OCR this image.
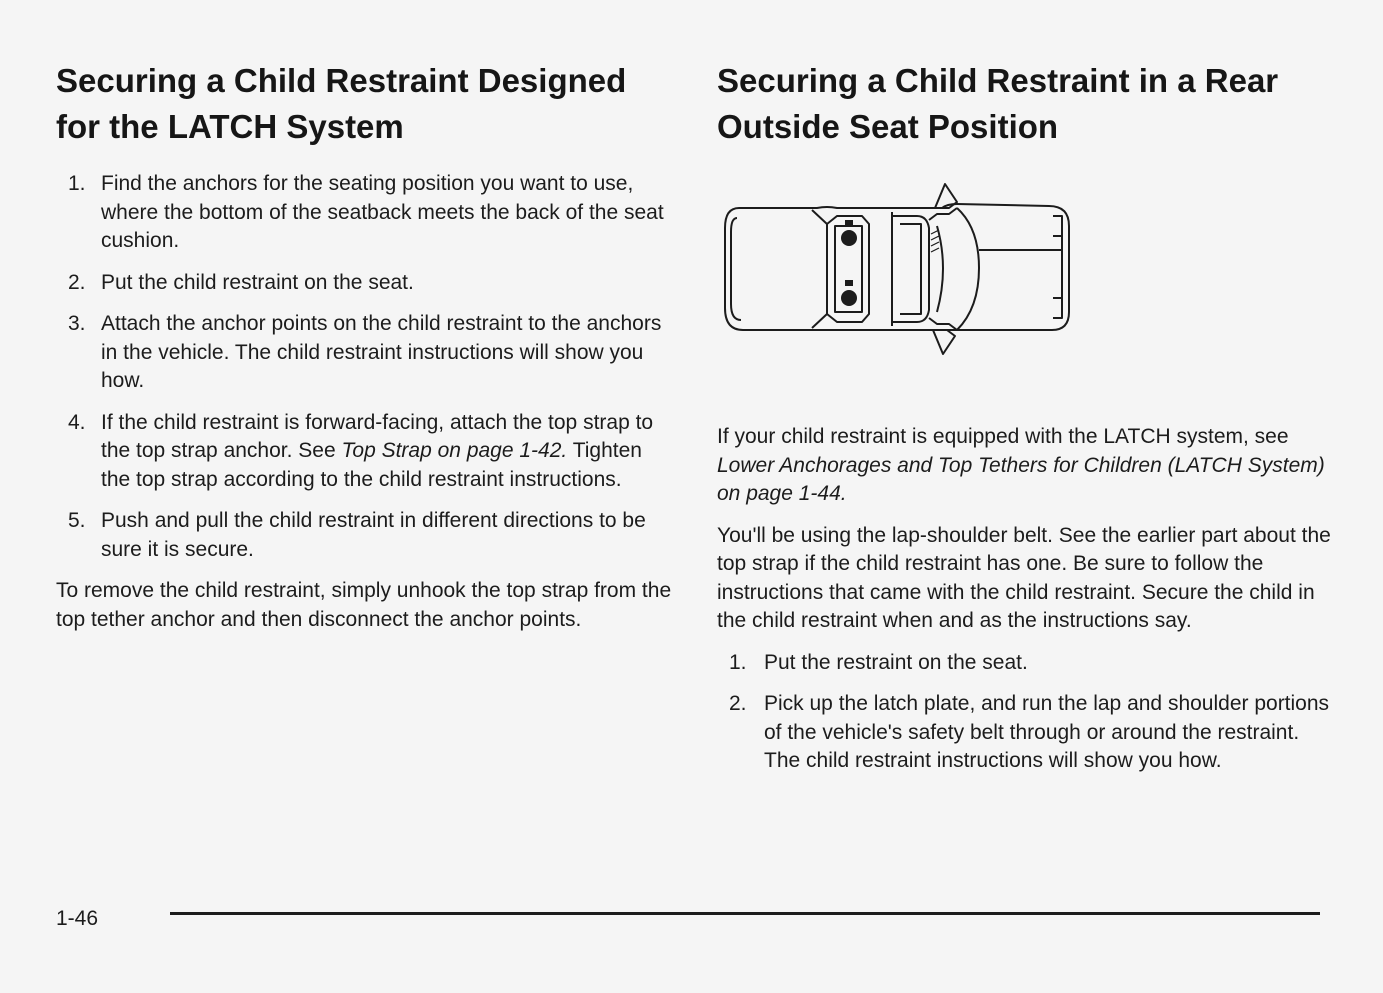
Securing a Child Restraint Designed for the LATCH System
1. Find the anchors for the seating position you want to use, where the bottom of the seatback meets the back of the seat cushion.
2. Put the child restraint on the seat.
3. Attach the anchor points on the child restraint to the anchors in the vehicle. The child restraint instructions will show you how.
4. If the child restraint is forward-facing, attach the top strap to the top strap anchor. See Top Strap on page 1-42. Tighten the top strap according to the child restraint instructions.
5. Push and pull the child restraint in different directions to be sure it is secure.

To remove the child restraint, simply unhook the top strap from the top tether anchor and then disconnect the anchor points.

Securing a Child Restraint in a Rear Outside Seat Position

If your child restraint is equipped with the LATCH system, see Lower Anchorages and Top Tethers for Children (LATCH System) on page 1-44.

You'll be using the lap-shoulder belt. See the earlier part about the top strap if the child restraint has one. Be sure to follow the instructions that came with the child restraint. Secure the child in the child restraint when and as the instructions say.

1. Put the restraint on the seat.
2. Pick up the latch plate, and run the lap and shoulder portions of the vehicle's safety belt through or around the restraint. The child restraint instructions will show you how.
1-46
